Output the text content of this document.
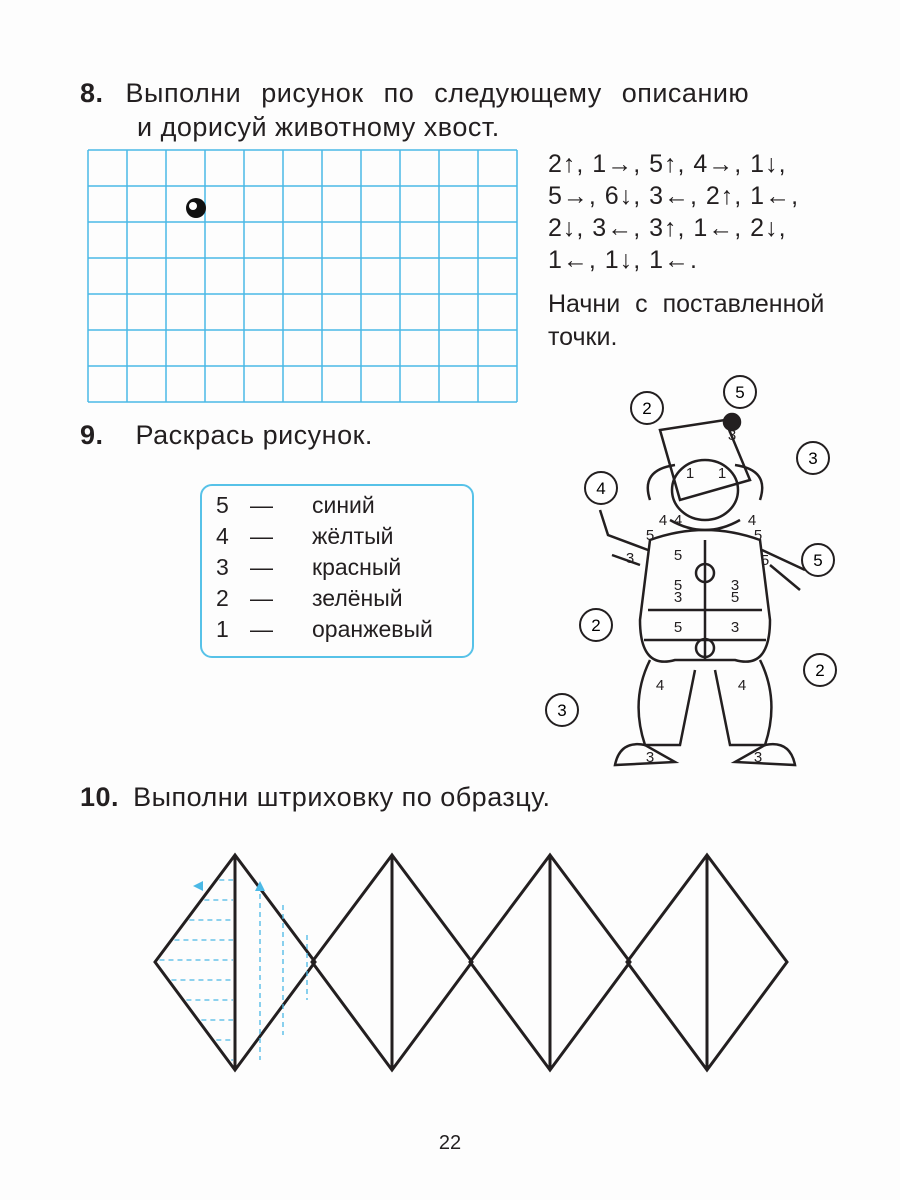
8. Выполни рисунок по следующему описанию
и дорисуй животному хвост.
2↑, 1→, 5↑, 4→, 1↓,
5→, 6↓, 3←, 2↑, 1←,
2↓, 3←, 3↑, 1←, 2↓,
1←, 1↓, 1←.
Начни с поставленной
точки.
9. Раскрась рисунок.
5 — синий
4 — жёлтый
3 — красный
2 — зелёный
1 — оранжевый
5
2
3
4
5
2
2
3
3
1 1
4
5
5
4
5
5	3
3	5
3	5
5	3
4	4
3	3
4
10. Выполни штриховку по образцу.
22
